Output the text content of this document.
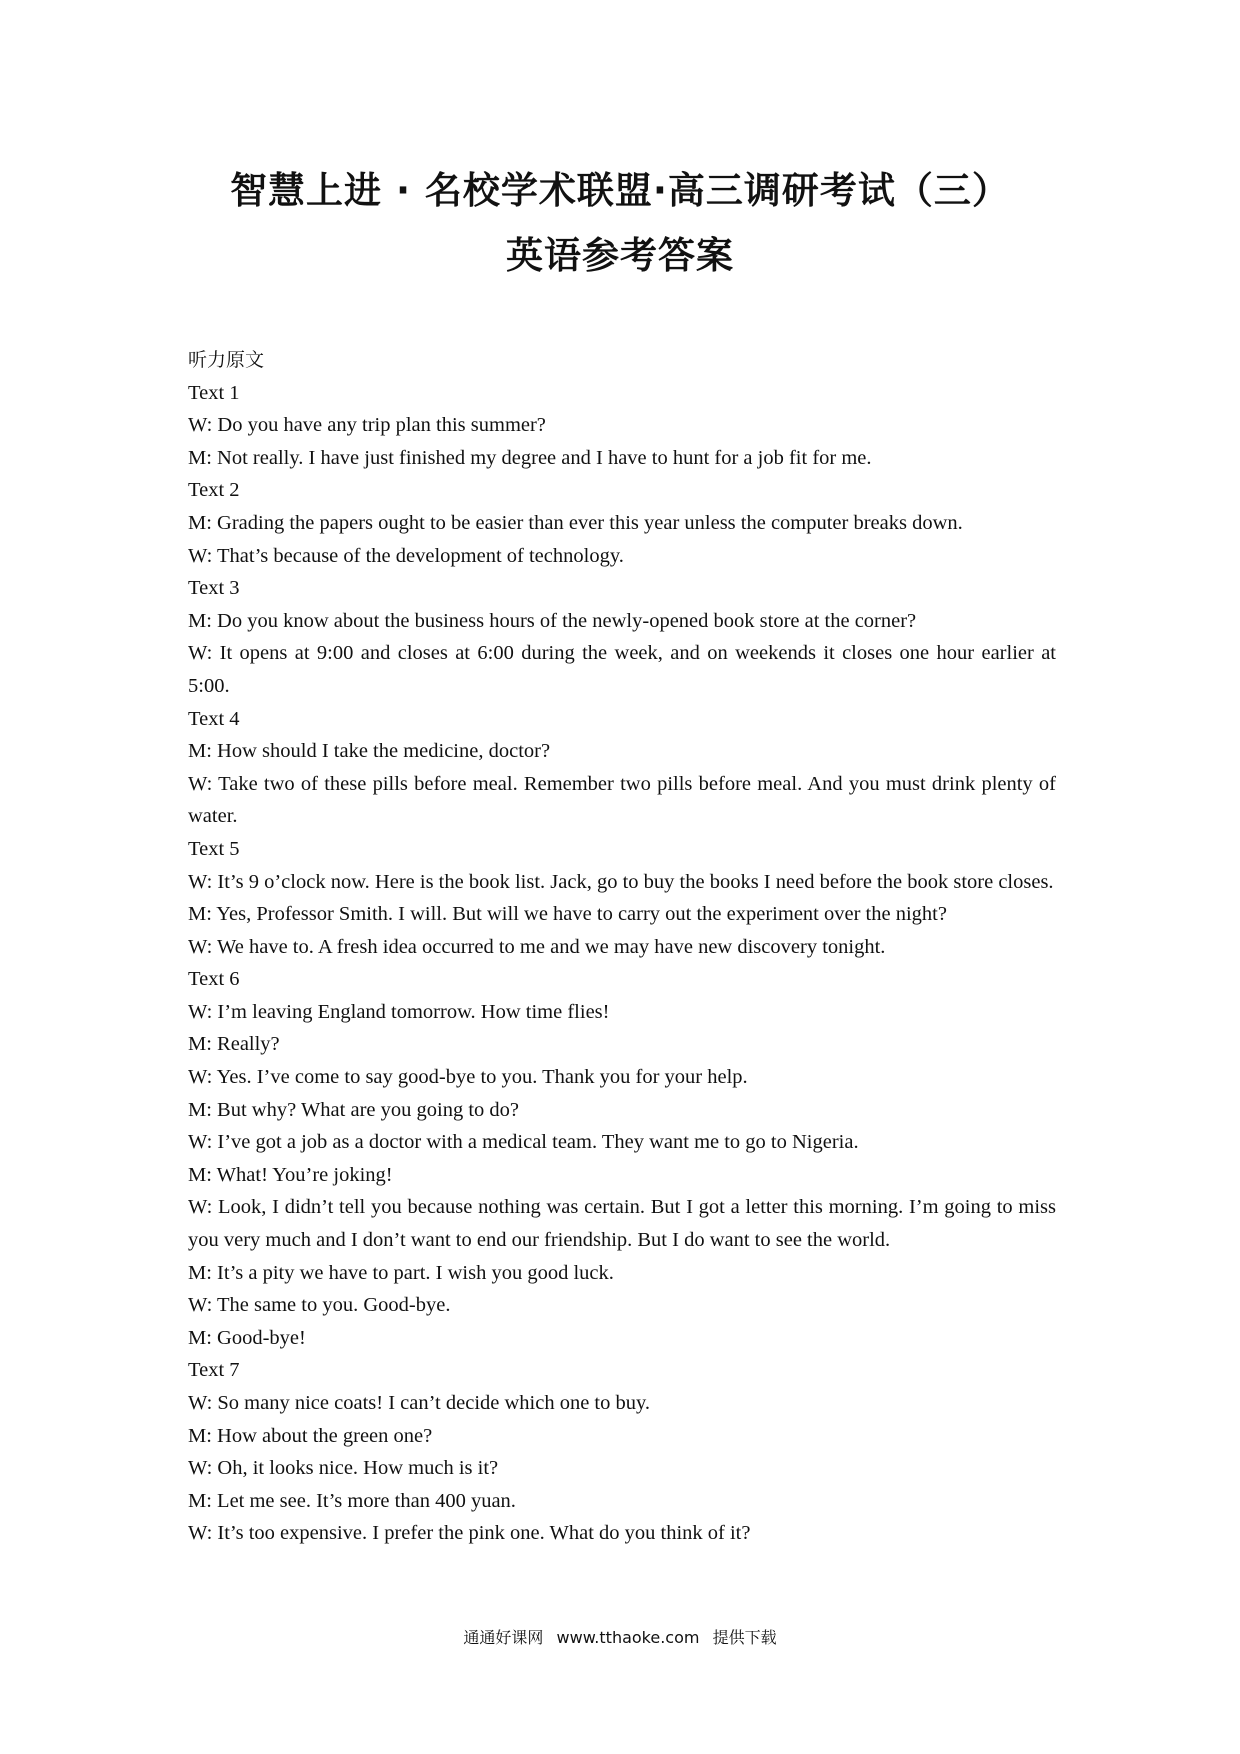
智慧上进 · 名校学术联盟·高三调研考试（三）
英语参考答案

听力原文

Text 1

W: Do you have any trip plan this summer?

M: Not really. I have just finished my degree and I have to hunt for a job fit for me.

Text 2

M: Grading the papers ought to be easier than ever this year unless the computer breaks down.

W: That’s because of the development of technology.

Text 3

M: Do you know about the business hours of the newly-opened book store at the corner?

W: It opens at 9:00 and closes at 6:00 during the week, and on weekends it closes one hour earlier at 5:00.

Text 4

M: How should I take the medicine, doctor?

W: Take two of these pills before meal. Remember two pills before meal. And you must drink plenty of water.

Text 5

W: It’s 9 o’clock now. Here is the book list. Jack, go to buy the books I need before the book store closes.

M: Yes, Professor Smith. I will. But will we have to carry out the experiment over the night?

W: We have to. A fresh idea occurred to me and we may have new discovery tonight.

Text 6

W: I’m leaving England tomorrow. How time flies!

M: Really?

W: Yes. I’ve come to say good-bye to you. Thank you for your help.

M: But why? What are you going to do?

W: I’ve got a job as a doctor with a medical team. They want me to go to Nigeria.

M: What! You’re joking!

W: Look, I didn’t tell you because nothing was certain. But I got a letter this morning. I’m going to miss you very much and I don’t want to end our friendship. But I do want to see the world.

M: It’s a pity we have to part. I wish you good luck.

W: The same to you. Good-bye.

M: Good-bye!

Text 7

W: So many nice coats! I can’t decide which one to buy.

M: How about the green one?

W: Oh, it looks nice. How much is it?

M: Let me see. It’s more than 400 yuan.

W: It’s too expensive. I prefer the pink one. What do you think of it?

通通好课网 www.tthaoke.com 提供下载
